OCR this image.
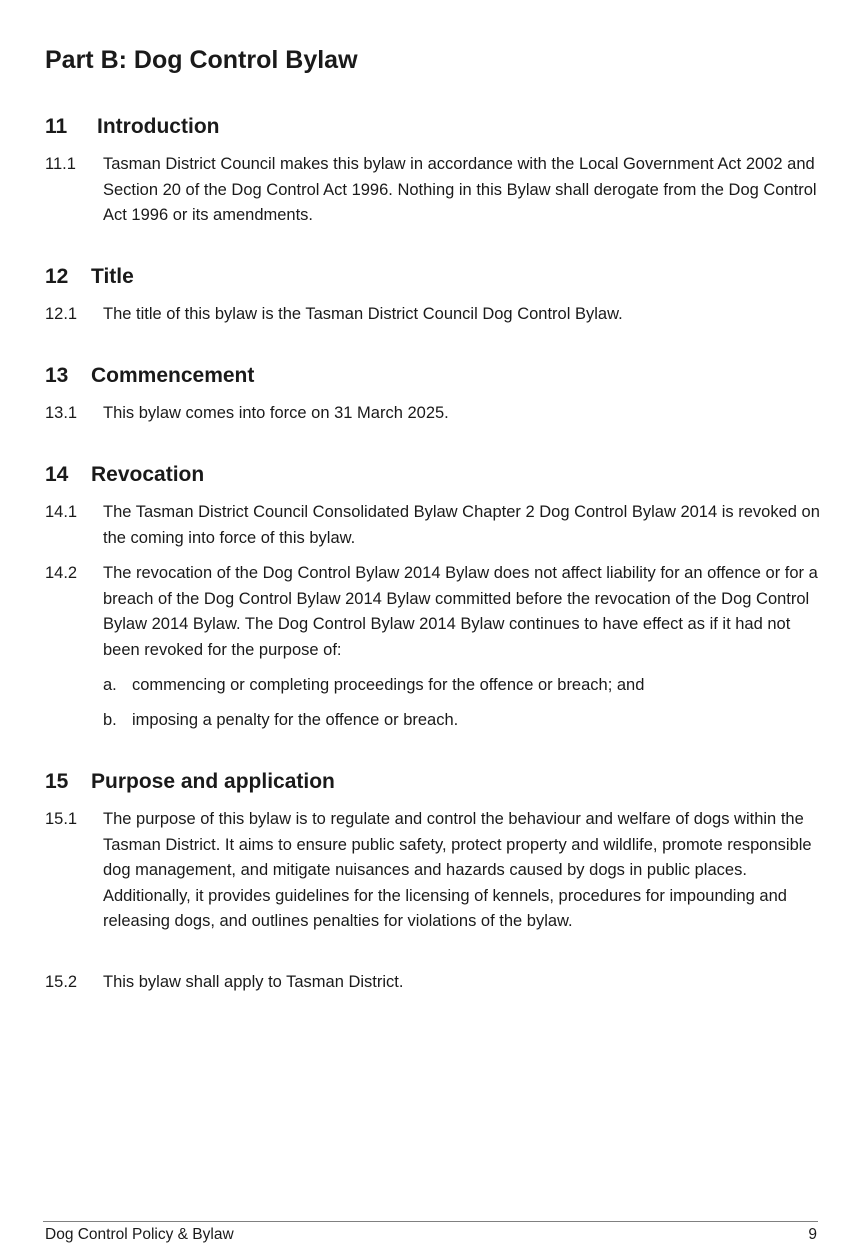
Part B: Dog Control Bylaw
11 Introduction
11.1 Tasman District Council makes this bylaw in accordance with the Local Government Act 2002 and Section 20 of the Dog Control Act 1996. Nothing in this Bylaw shall derogate from the Dog Control Act 1996 or its amendments.
12 Title
12.1 The title of this bylaw is the Tasman District Council Dog Control Bylaw.
13 Commencement
13.1 This bylaw comes into force on 31 March 2025.
14 Revocation
14.1 The Tasman District Council Consolidated Bylaw Chapter 2 Dog Control Bylaw 2014 is revoked on the coming into force of this bylaw.
14.2 The revocation of the Dog Control Bylaw 2014 Bylaw does not affect liability for an offence or for a breach of the Dog Control Bylaw 2014 Bylaw committed before the revocation of the Dog Control Bylaw 2014 Bylaw. The Dog Control Bylaw 2014 Bylaw continues to have effect as if it had not been revoked for the purpose of:
a. commencing or completing proceedings for the offence or breach; and
b. imposing a penalty for the offence or breach.
15 Purpose and application
15.1 The purpose of this bylaw is to regulate and control the behaviour and welfare of dogs within the Tasman District. It aims to ensure public safety, protect property and wildlife, promote responsible dog management, and mitigate nuisances and hazards caused by dogs in public places. Additionally, it provides guidelines for the licensing of kennels, procedures for impounding and releasing dogs, and outlines penalties for violations of the bylaw.
15.2 This bylaw shall apply to Tasman District.
Dog Control Policy & Bylaw	9
